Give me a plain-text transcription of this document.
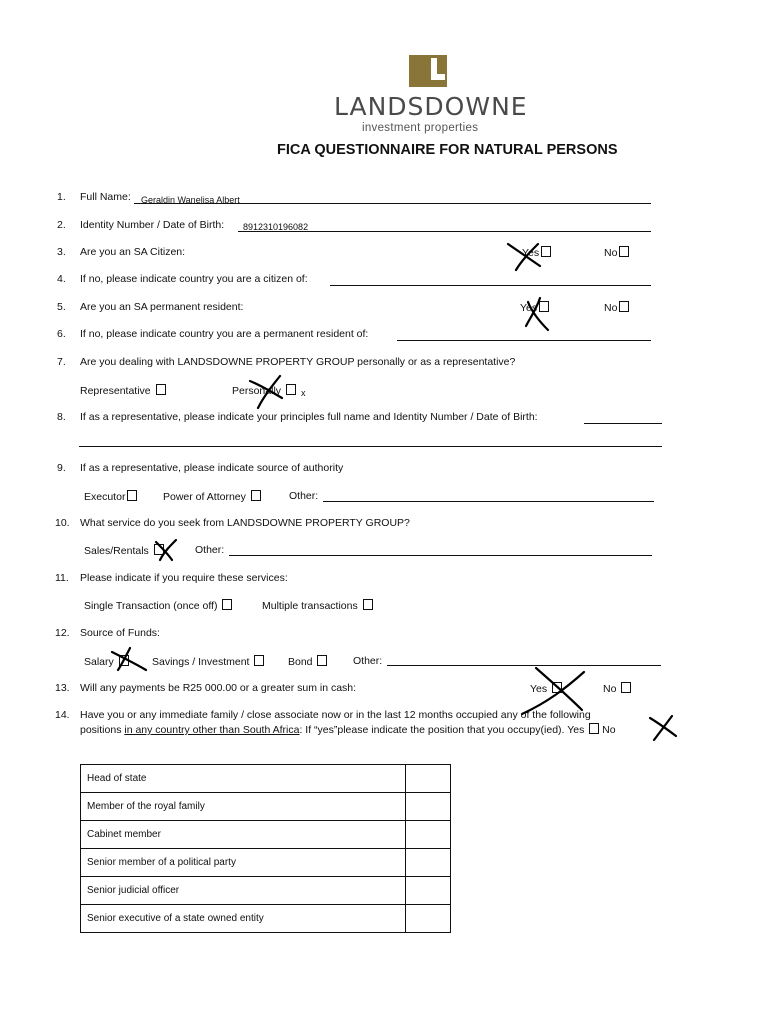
LANDSDOWNE
investment properties
FICA QUESTIONNAIRE FOR NATURAL PERSONS
1. Full Name: Geraldin Wanelisa Albert
2. Identity Number / Date of Birth: 8912310196082
3. Are you an SA Citizen:	Yes	No
4. If no, please indicate country you are a citizen of:
5. Are you an SA permanent resident:	Yes	No
6. If no, please indicate country you are a permanent resident of:
7. Are you dealing with LANDSDOWNE PROPERTY GROUP personally or as a representative?
Representative	Personally	x
8. If as a representative, please indicate your principles full name and Identity Number / Date of Birth:
9. If as a representative, please indicate source of authority
Executor	Power of Attorney	Other:
10. What service do you seek from LANDSDOWNE PROPERTY GROUP?
Sales/Rentals	Other:
11. Please indicate if you require these services:
Single Transaction (once off)	Multiple transactions
12. Source of Funds:
Salary	Savings / Investment	Bond	Other:
13. Will any payments be R25 000.00 or a greater sum in cash:	Yes	No
14. Have you or any immediate family / close associate now or in the last 12 months occupied any of the following
positions in any country other than South Africa: If “yes”please indicate the position that you occupy(ied). Yes No
Head of state	
Member of the royal family	
Cabinet member	
Senior member of a political party	
Senior judicial officer	
Senior executive of a state owned entity	
